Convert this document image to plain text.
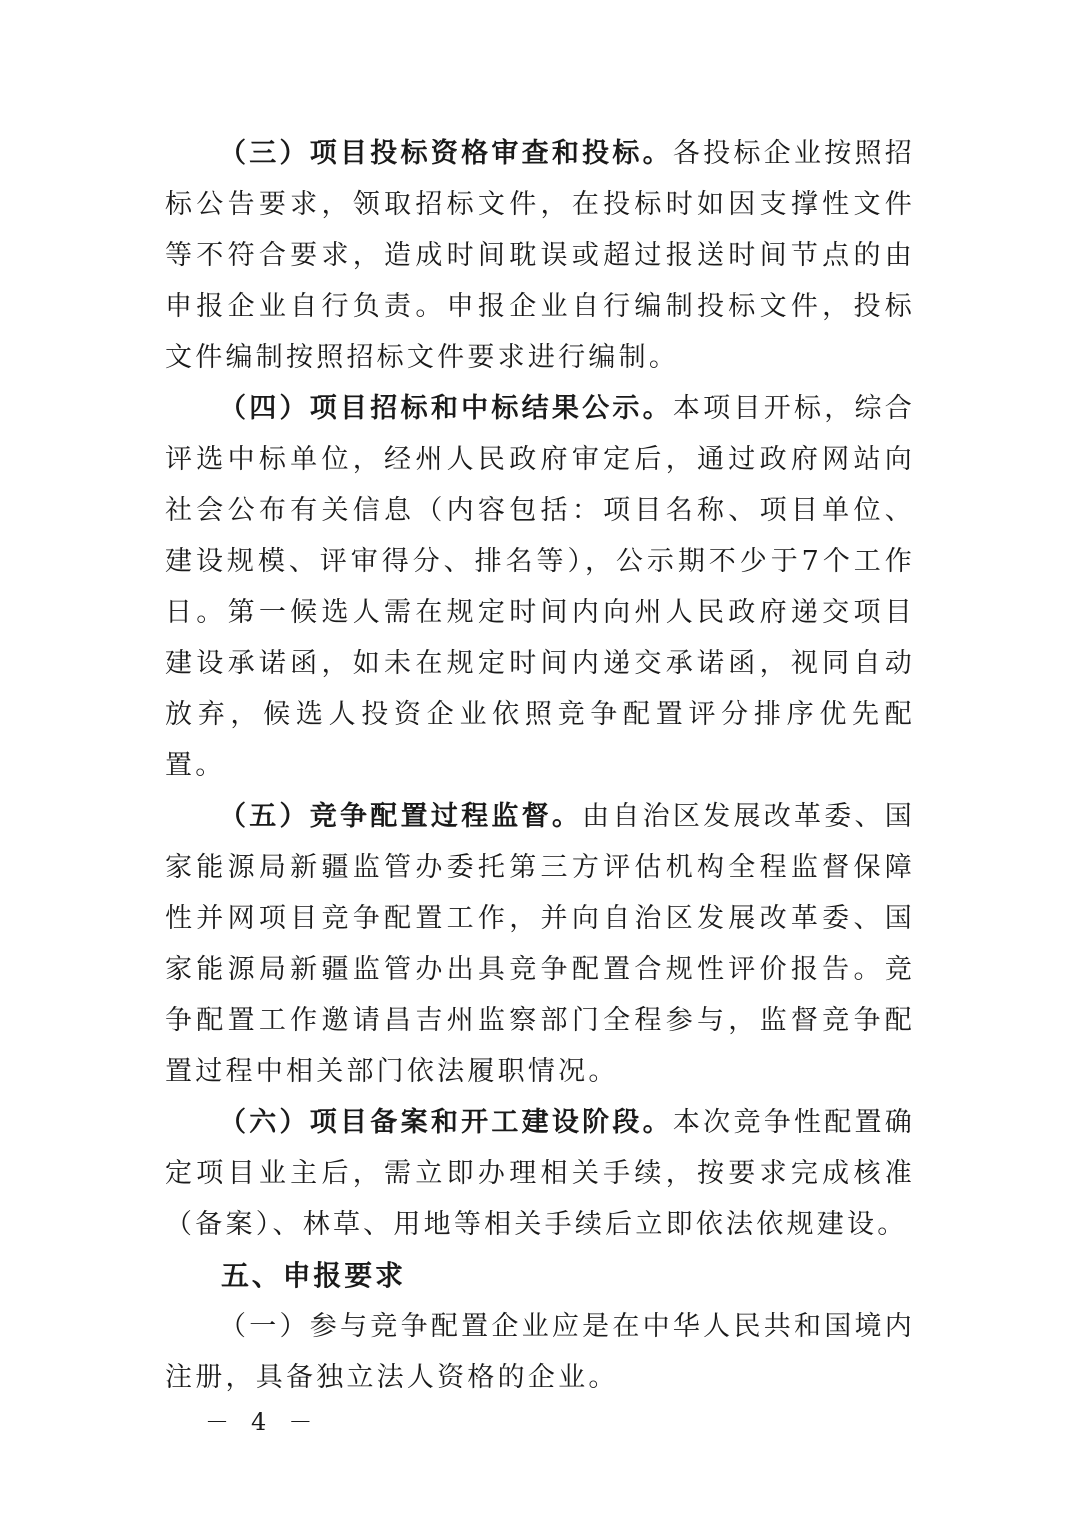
（三）项目投标资格审查和投标。各投标企业按照招标公告要求，领取招标文件，在投标时如因支撑性文件等不符合要求，造成时间耽误或超过报送时间节点的由申报企业自行负责。申报企业自行编制投标文件，投标文件编制按照招标文件要求进行编制。

（四）项目招标和中标结果公示。本项目开标，综合评选中标单位，经州人民政府审定后，通过政府网站向社会公布有关信息（内容包括：项目名称、项目单位、建设规模、评审得分、排名等），公示期不少于7个工作日。第一候选人需在规定时间内向州人民政府递交项目建设承诺函，如未在规定时间内递交承诺函，视同自动放弃，候选人投资企业依照竞争配置评分排序优先配置。

（五）竞争配置过程监督。由自治区发展改革委、国家能源局新疆监管办委托第三方评估机构全程监督保障性并网项目竞争配置工作，并向自治区发展改革委、国家能源局新疆监管办出具竞争配置合规性评价报告。竞争配置工作邀请昌吉州监察部门全程参与，监督竞争配置过程中相关部门依法履职情况。

（六）项目备案和开工建设阶段。本次竞争性配置确定项目业主后，需立即办理相关手续，按要求完成核准（备案）、林草、用地等相关手续后立即依法依规建设。

五、申报要求

（一）参与竞争配置企业应是在中华人民共和国境内注册，具备独立法人资格的企业。

－ 4 －
